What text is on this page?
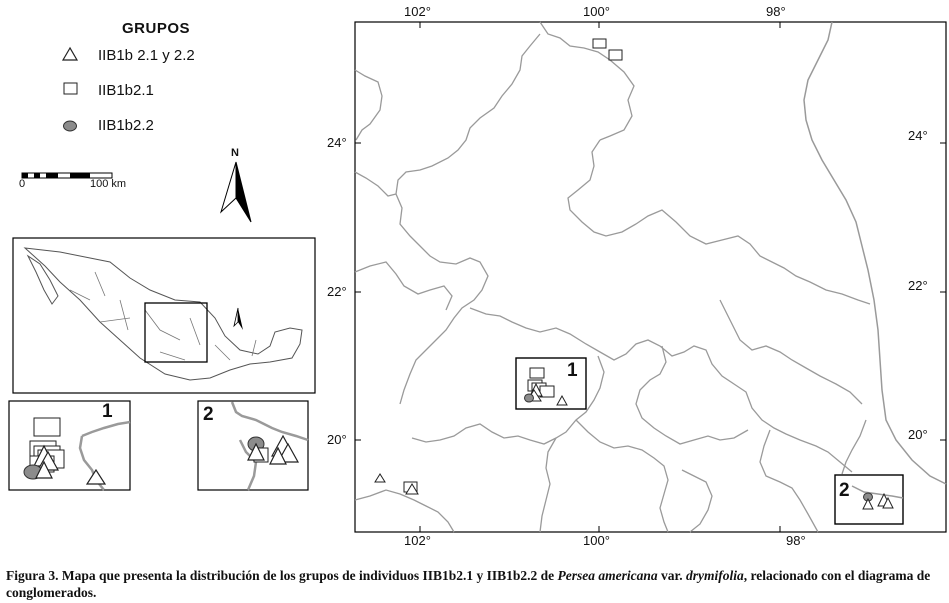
GRUPOS
IIB1b 2.1 y 2.2
IIB1b2.1
IIB1b2.2
0	100 km
N
102°	100°	98°
102°	100°	98°
24°
22°
20°
24°
22°
20°
1	2
1
2
Figura 3. Mapa que presenta la distribución de los grupos de individuos IIB1b2.1 y IIB1b2.2 de Persea americana var. drymifolia, relacionado con el diagrama de conglomerados.
